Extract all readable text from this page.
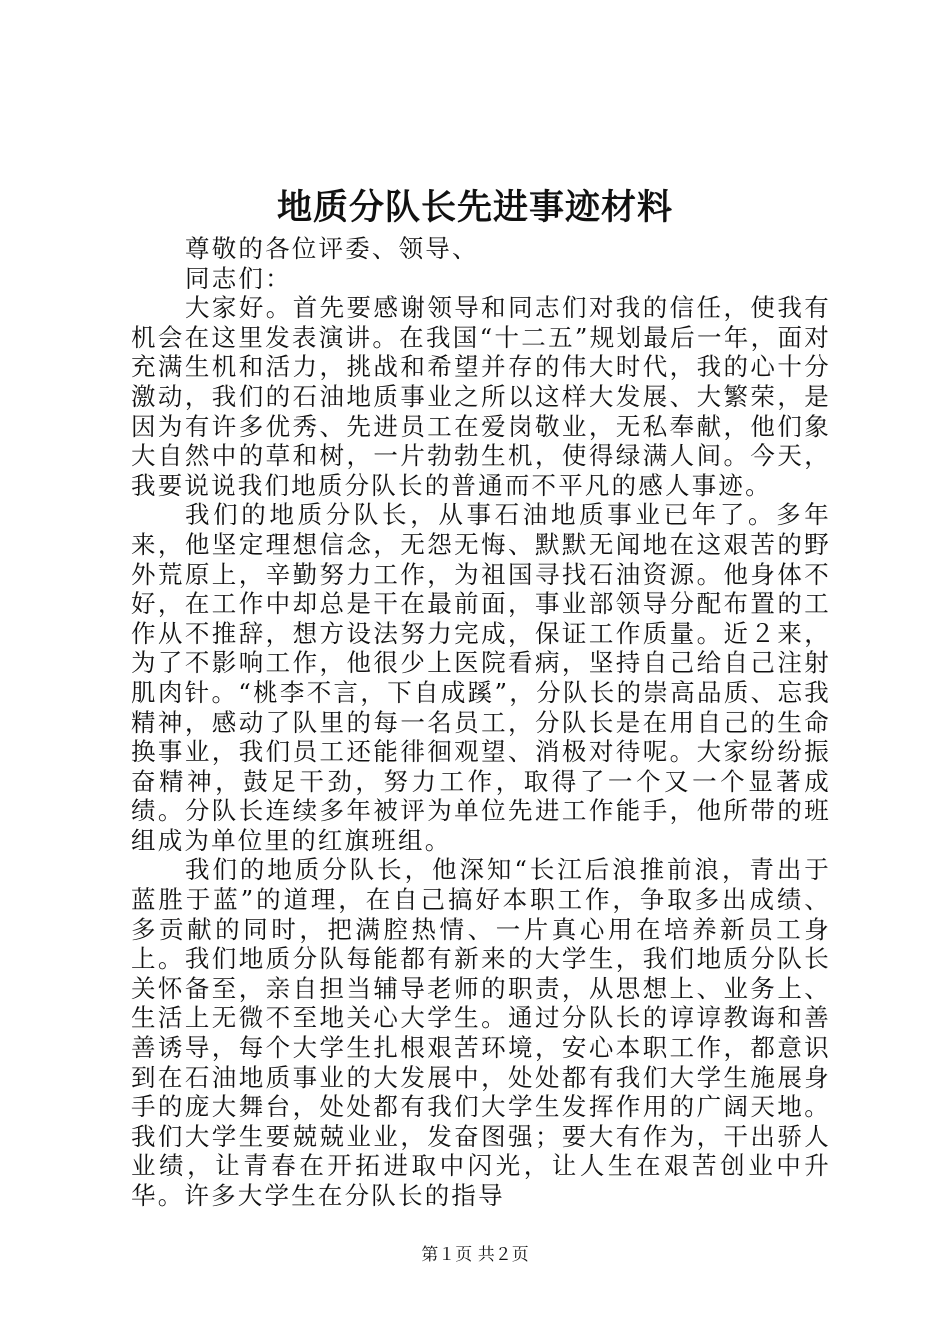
地质分队长先进事迹材料

尊敬的各位评委、领导、

同志们：

大家好。首先要感谢领导和同志们对我的信任，使我有机会在这里发表演讲。在我国“十二五”规划最后一年，面对充满生机和活力，挑战和希望并存的伟大时代，我的心十分激动，我们的石油地质事业之所以这样大发展、大繁荣，是因为有许多优秀、先进员工在爱岗敬业，无私奉献，他们象大自然中的草和树，一片勃勃生机，使得绿满人间。今天，我要说说我们地质分队长的普通而不平凡的感人事迹。

我们的地质分队长，从事石油地质事业已年了。多年来，他坚定理想信念，无怨无悔、默默无闻地在这艰苦的野外荒原上，辛勤努力工作，为祖国寻找石油资源。他身体不好，在工作中却总是干在最前面，事业部领导分配布置的工作从不推辞，想方设法努力完成，保证工作质量。近２来，为了不影响工作，他很少上医院看病，坚持自己给自己注射肌肉针。“桃李不言，下自成蹊”，分队长的崇高品质、忘我精神，感动了队里的每一名员工，分队长是在用自己的生命换事业，我们员工还能徘徊观望、消极对待呢。大家纷纷振奋精神，鼓足干劲，努力工作，取得了一个又一个显著成绩。分队长连续多年被评为单位先进工作能手，他所带的班组成为单位里的红旗班组。

我们的地质分队长，他深知“长江后浪推前浪，青出于蓝胜于蓝”的道理，在自己搞好本职工作，争取多出成绩、多贡献的同时，把满腔热情、一片真心用在培养新员工身上。我们地质分队每能都有新来的大学生，我们地质分队长关怀备至，亲自担当辅导老师的职责，从思想上、业务上、生活上无微不至地关心大学生。通过分队长的谆谆教诲和善善诱导，每个大学生扎根艰苦环境，安心本职工作，都意识到在石油地质事业的大发展中，处处都有我们大学生施展身手的庞大舞台，处处都有我们大学生发挥作用的广阔天地。我们大学生要兢兢业业，发奋图强；要大有作为，干出骄人业绩，让青春在开拓进取中闪光，让人生在艰苦创业中升华。许多大学生在分队长的指导

第１页 共２页
